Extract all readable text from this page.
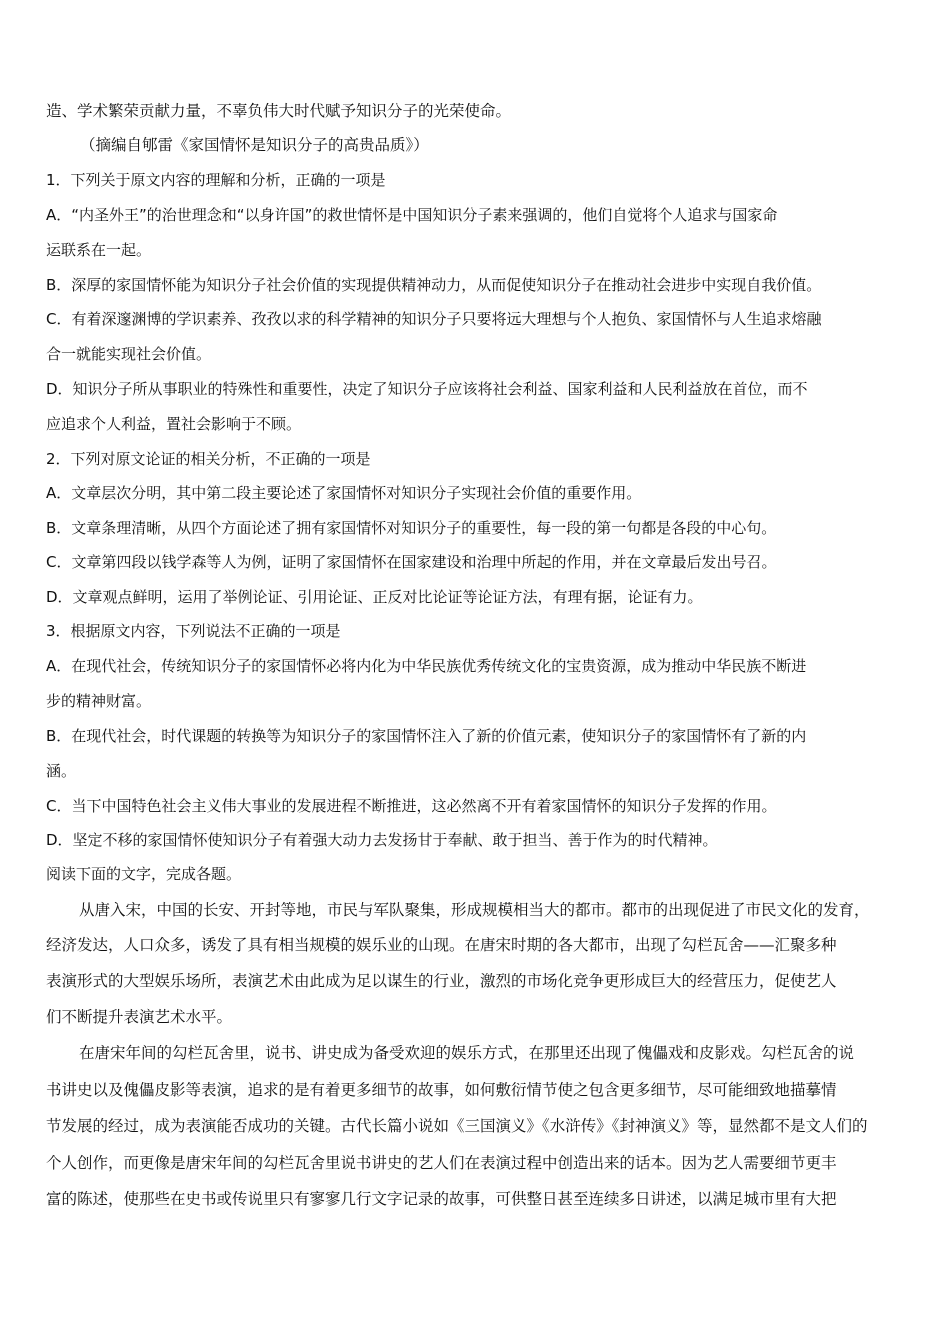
造、学术繁荣贡献力量，不辜负伟大时代赋予知识分子的光荣使命。
（摘编自郇雷《家国情怀是知识分子的高贵品质》）
1．下列关于原文内容的理解和分析，正确的一项是
A．“内圣外王”的治世理念和“以身许国”的救世情怀是中国知识分子素来强调的，他们自觉将个人追求与国家命
运联系在一起。
B．深厚的家国情怀能为知识分子社会价值的实现提供精神动力，从而促使知识分子在推动社会进步中实现自我价值。
C．有着深邃渊博的学识素养、孜孜以求的科学精神的知识分子只要将远大理想与个人抱负、家国情怀与人生追求熔融
合一就能实现社会价值。
D．知识分子所从事职业的特殊性和重要性，决定了知识分子应该将社会利益、国家利益和人民利益放在首位，而不
应追求个人利益，置社会影响于不顾。
2．下列对原文论证的相关分析，不正确的一项是
A．文章层次分明，其中第二段主要论述了家国情怀对知识分子实现社会价值的重要作用。
B．文章条理清晰，从四个方面论述了拥有家国情怀对知识分子的重要性，每一段的第一句都是各段的中心句。
C．文章第四段以钱学森等人为例，证明了家国情怀在国家建设和治理中所起的作用，并在文章最后发出号召。
D．文章观点鲜明，运用了举例论证、引用论证、正反对比论证等论证方法，有理有据，论证有力。
3．根据原文内容，下列说法不正确的一项是
A．在现代社会，传统知识分子的家国情怀必将内化为中华民族优秀传统文化的宝贵资源，成为推动中华民族不断进
步的精神财富。
B．在现代社会，时代课题的转换等为知识分子的家国情怀注入了新的价值元素，使知识分子的家国情怀有了新的内
涵。
C．当下中国特色社会主义伟大事业的发展进程不断推进，这必然离不开有着家国情怀的知识分子发挥的作用。
D．坚定不移的家国情怀使知识分子有着强大动力去发扬甘于奉献、敢于担当、善于作为的时代精神。
阅读下面的文字，完成各题。
从唐入宋，中国的长安、开封等地，市民与军队聚集，形成规模相当大的都市。都市的出现促进了市民文化的发育，
经济发达，人口众多，诱发了具有相当规模的娱乐业的山现。在唐宋时期的各大都市，出现了勾栏瓦舍——汇聚多种
表演形式的大型娱乐场所，表演艺术由此成为足以谋生的行业，激烈的市场化竞争更形成巨大的经营压力，促使艺人
们不断提升表演艺术水平。
在唐宋年间的勾栏瓦舍里，说书、讲史成为备受欢迎的娱乐方式，在那里还出现了傀儡戏和皮影戏。勾栏瓦舍的说
书讲史以及傀儡皮影等表演，追求的是有着更多细节的故事，如何敷衍情节使之包含更多细节，尽可能细致地描摹情
节发展的经过，成为表演能否成功的关键。古代长篇小说如《三国演义》《水浒传》《封神演义》等，显然都不是文人们的
个人创作，而更像是唐宋年间的勾栏瓦舍里说书讲史的艺人们在表演过程中创造出来的话本。因为艺人需要细节更丰
富的陈述，使那些在史书或传说里只有寥寥几行文字记录的故事，可供整日甚至连续多日讲述，以满足城市里有大把
